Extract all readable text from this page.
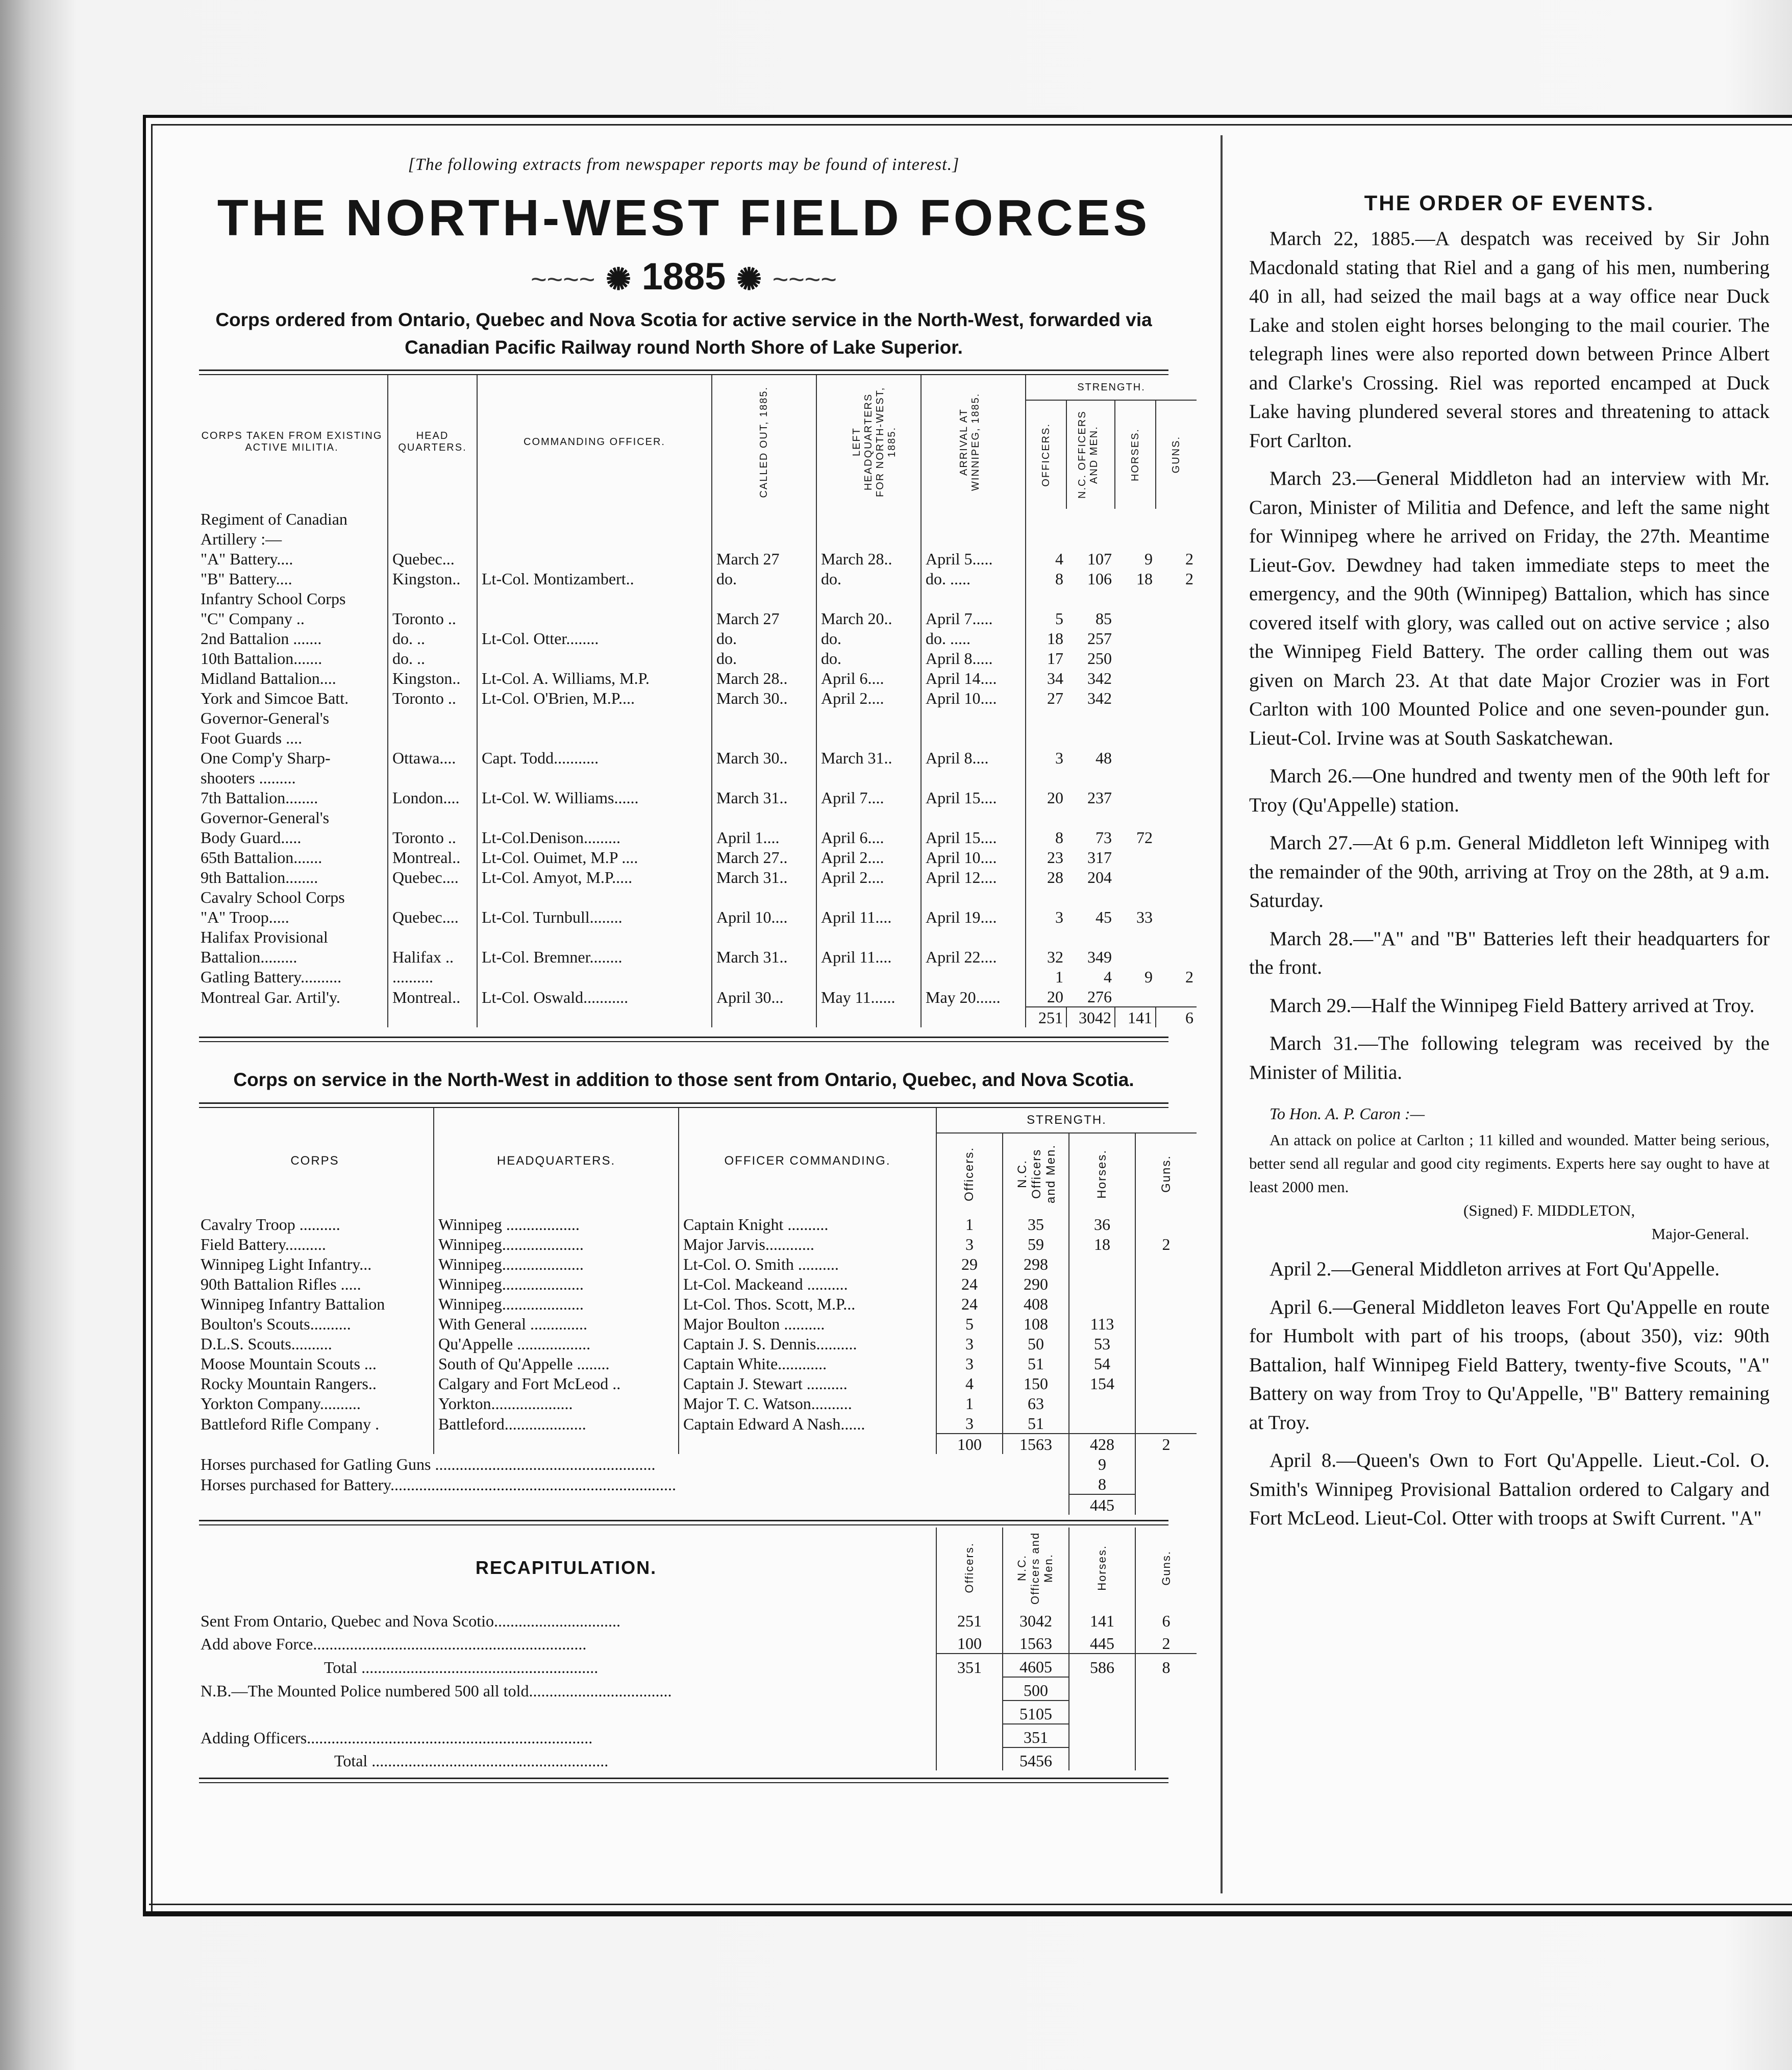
[The following extracts from newspaper reports may be found of interest.]
THE NORTH-WEST FIELD FORCES
~~~~ ✺ 1885 ✺ ~~~~
Corps ordered from Ontario, Quebec and Nova Scotia for active service in the North-West, forwarded via Canadian Pacific Railway round North Shore of Lake Superior.
CORPS TAKEN FROM EXISTING ACTIVE MILITIA.	HEAD QUARTERS.	COMMANDING OFFICER.	CALLED OUT, 1885.	LEFT HEADQUARTERS FOR NORTH-WEST, 1885.	ARRIVAL AT WINNIPEG, 1885.	STRENGTH.			

						OFFICERS.	N.C. OFFICERS AND MEN.	HORSES.	GUNS.

Regiment of Canadian									
Artillery :—									
"A" Battery....	Quebec...		March 27	March 28..	April 5.....	4	107	9	2
"B" Battery....	Kingston..	Lt-Col. Montizambert..	do.	do.	do. .....	8	106	18	2
Infantry School Corps									
"C" Company ..	Toronto ..		March 27	March 20..	April 7.....	5	85		
2nd Battalion .......	do. ..	Lt-Col. Otter........	do.	do.	do. .....	18	257		
10th Battalion.......	do. ..		do.	do.	April 8.....	17	250		
Midland Battalion....	Kingston..	Lt-Col. A. Williams, M.P.	March 28..	April 6....	April 14....	34	342		
York and Simcoe Batt.	Toronto ..	Lt-Col. O'Brien, M.P....	March 30..	April 2....	April 10....	27	342		
Governor-General's									
Foot Guards ....									
One Comp'y Sharp-	Ottawa....	Capt. Todd...........	March 30..	March 31..	April 8....	3	48		
shooters .........									
7th Battalion........	London....	Lt-Col. W. Williams......	March 31..	April 7....	April 15....	20	237		
Governor-General's									
Body Guard.....	Toronto ..	Lt-Col.Denison.........	April 1....	April 6....	April 15....	8	73	72	
65th Battalion.......	Montreal..	Lt-Col. Ouimet, M.P ....	March 27..	April 2....	April 10....	23	317		
9th Battalion........	Quebec....	Lt-Col. Amyot, M.P.....	March 31..	April 2....	April 12....	28	204		
Cavalry School Corps									
"A" Troop.....	Quebec....	Lt-Col. Turnbull........	April 10....	April 11....	April 19....	3	45	33	
Halifax Provisional									
Battalion.........	Halifax ..	Lt-Col. Bremner........	March 31..	April 11....	April 22....	32	349		
Gatling Battery..........	..........					1	4	9	2
Montreal Gar. Artil'y.	Montreal..	Lt-Col. Oswald...........	April 30...	May 11......	May 20......	20	276		
						251	3042	141	6
Corps on service in the North-West in addition to those sent from Ontario, Quebec, and Nova Scotia.
CORPS	HEADQUARTERS.	OFFICER COMMANDING.	STRENGTH.			

			Officers.	N.C. Officers and Men.	Horses.	Guns.

Cavalry Troop ..........	Winnipeg ..................	Captain Knight ..........	1	35	36	
Field Battery..........	Winnipeg....................	Major Jarvis............	3	59	18	2
Winnipeg Light Infantry...	Winnipeg....................	Lt-Col. O. Smith ..........	29	298		
90th Battalion Rifles .....	Winnipeg....................	Lt-Col. Mackeand ..........	24	290		
Winnipeg Infantry Battalion	Winnipeg....................	Lt-Col. Thos. Scott, M.P...	24	408		
Boulton's Scouts..........	With General ..............	Major Boulton ..........	5	108	113	
D.L.S. Scouts..........	Qu'Appelle ..................	Captain J. S. Dennis..........	3	50	53	
Moose Mountain Scouts ...	South of Qu'Appelle ........	Captain White............	3	51	54	
Rocky Mountain Rangers..	Calgary and Fort McLeod ..	Captain J. Stewart ..........	4	150	154	
Yorkton Company..........	Yorkton....................	Major T. C. Watson..........	1	63		
Battleford Rifle Company .	Battleford....................	Captain Edward A Nash......	3	51		
			100	1563	428	2
Horses purchased for Gatling Guns ......................................................					9	
Horses purchased for Battery......................................................................					8	
					445	
RECAPITULATION.	Officers.	N.C. Officers and Men.	Horses.	Guns.

Sent From Ontario, Quebec and Nova Scotio...............................	251	3042	141	6
Add above Force...................................................................	100	1563	445	2
Total ..........................................................	351	4605	586	8
N.B.—The Mounted Police numbered 500 all told...................................		500		
		5105		
Adding Officers......................................................................		351		
Total ..........................................................		5456		
THE ORDER OF EVENTS.

March 22, 1885.—A despatch was received by Sir John Macdonald stating that Riel and a gang of his men, numbering 40 in all, had seized the mail bags at a way office near Duck Lake and stolen eight horses belonging to the mail courier. The telegraph lines were also reported down between Prince Albert and Clarke's Crossing. Riel was reported encamped at Duck Lake having plundered several stores and threatening to attack Fort Carlton.

March 23.—General Middleton had an interview with Mr. Caron, Minister of Militia and Defence, and left the same night for Winnipeg where he arrived on Friday, the 27th. Meantime Lieut-Gov. Dewdney had taken immediate steps to meet the emergency, and the 90th (Winnipeg) Battalion, which has since covered itself with glory, was called out on active service ; also the Winnipeg Field Battery. The order calling them out was given on March 23. At that date Major Crozier was in Fort Carlton with 100 Mounted Police and one seven-pounder gun. Lieut-Col. Irvine was at South Saskatchewan.

March 26.—One hundred and twenty men of the 90th left for Troy (Qu'Appelle) station.

March 27.—At 6 p.m. General Middleton left Winnipeg with the remainder of the 90th, arriving at Troy on the 28th, at 9 a.m. Saturday.

March 28.—"A" and "B" Batteries left their headquarters for the front.

March 29.—Half the Winnipeg Field Battery arrived at Troy.

March 31.—The following telegram was received by the Minister of Militia.

To Hon. A. P. Caron :—

An attack on police at Carlton ; 11 killed and wounded. Matter being serious, better send all regular and good city regiments. Experts here say ought to have at least 2000 men.

(Signed) F. MIDDLETON,
Major-General.

April 2.—General Middleton arrives at Fort Qu'Appelle.

April 6.—General Middleton leaves Fort Qu'Appelle en route for Humbolt with part of his troops, (about 350), viz: 90th Battalion, half Winnipeg Field Battery, twenty-five Scouts, "A" Battery on way from Troy to Qu'Appelle, "B" Battery remaining at Troy.

April 8.—Queen's Own to Fort Qu'Appelle. Lieut.-Col. O. Smith's Winnipeg Provisional Battalion ordered to Calgary and Fort McLeod. Lieut-Col. Otter with troops at Swift Current. "A"
